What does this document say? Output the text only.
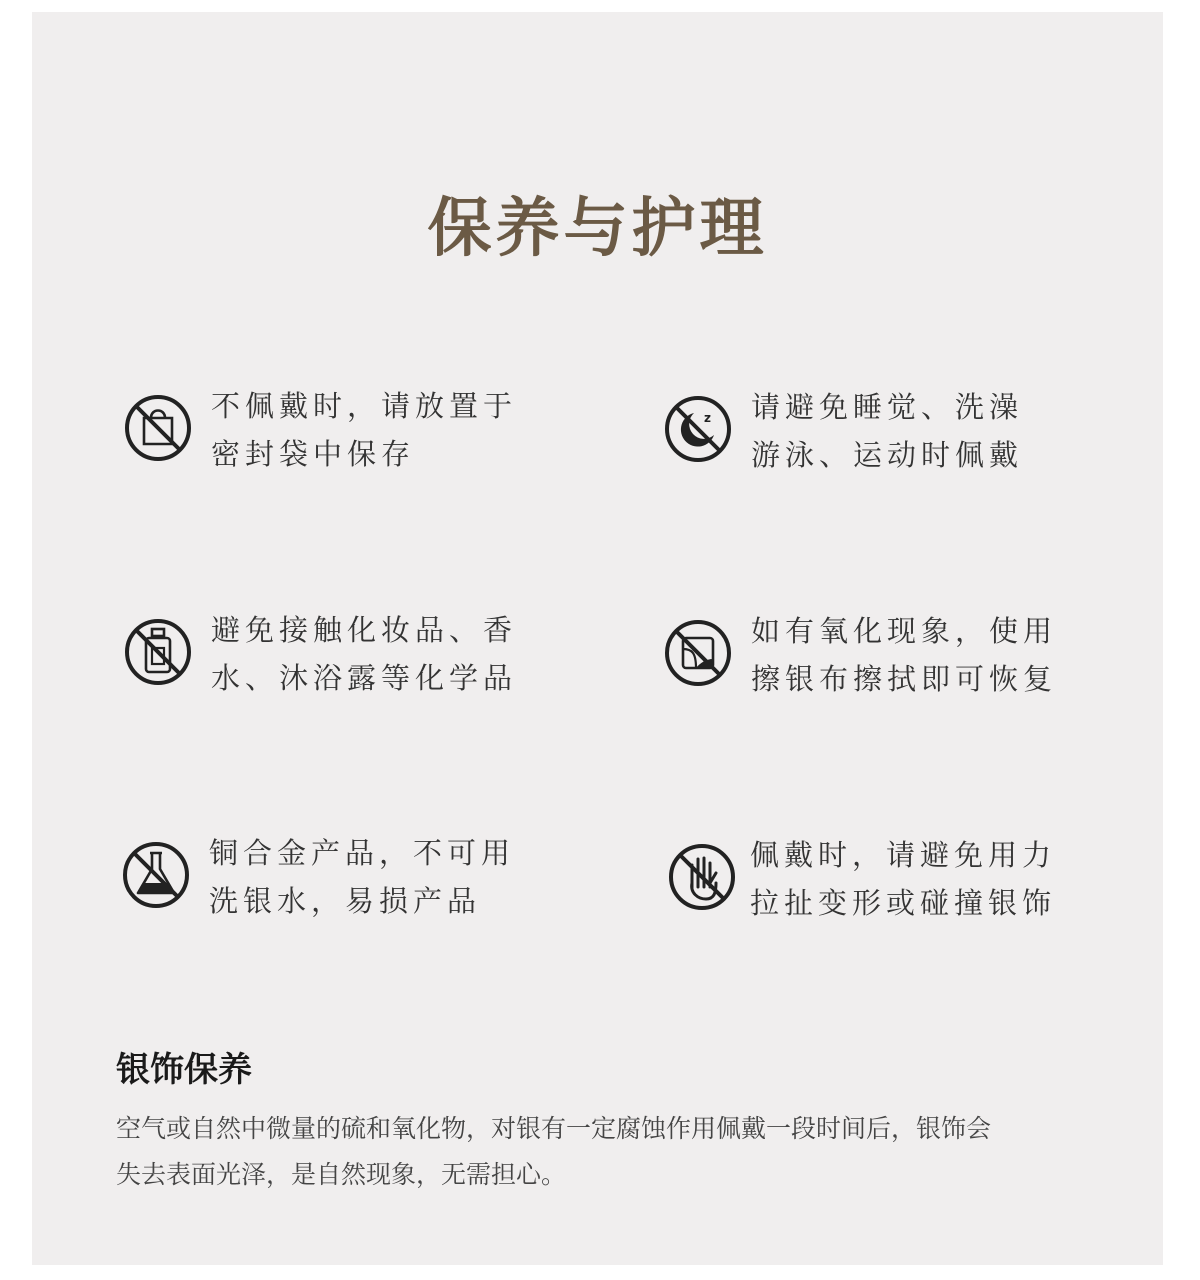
保养与护理
不佩戴时，请放置于
密封袋中保存
z 请避免睡觉、洗澡
游泳、运动时佩戴
避免接触化妆品、香
水、沐浴露等化学品
如有氧化现象，使用
擦银布擦拭即可恢复
铜合金产品，不可用
洗银水，易损产品
佩戴时，请避免用力
拉扯变形或碰撞银饰
银饰保养
空气或自然中微量的硫和氧化物，对银有一定腐蚀作用佩戴一段时间后，银饰会
失去表面光泽，是自然现象，无需担心。
